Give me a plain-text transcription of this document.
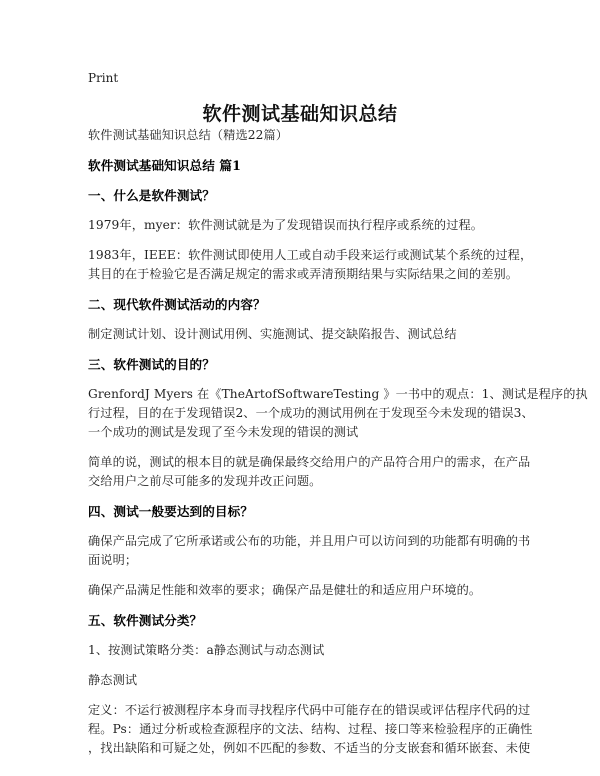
Print
软件测试基础知识总结

软件测试基础知识总结（精选22篇）

软件测试基础知识总结 篇1

一、什么是软件测试？

1979年，myer：软件测试就是为了发现错误而执行程序或系统的过程。

1983年，IEEE：软件测试即使用人工或自动手段来运行或测试某个系统的过程，
其目的在于检验它是否满足规定的需求或弄清预期结果与实际结果之间的差别。

二、现代软件测试活动的内容？

制定测试计划、设计测试用例、实施测试、提交缺陷报告、测试总结

三、软件测试的目的？

GrenfordJ Myers 在《TheArtofSoftwareTesting 》一书中的观点：1、测试是程序的执
行过程，目的在于发现错误2、一个成功的测试用例在于发现至今未发现的错误3、
一个成功的测试是发现了至今未发现的错误的测试

简单的说，测试的根本目的就是确保最终交给用户的产品符合用户的需求，在产品
交给用户之前尽可能多的发现并改正问题。

四、测试一般要达到的目标？

确保产品完成了它所承诺或公布的功能，并且用户可以访问到的功能都有明确的书
面说明；

确保产品满足性能和效率的要求；确保产品是健壮的和适应用户环境的。

五、软件测试分类？

1、按测试策略分类：a静态测试与动态测试

静态测试

定义：不运行被测程序本身而寻找程序代码中可能存在的错误或评估程序代码的过
程。Ps：通过分析或检查源程序的文法、结构、过程、接口等来检验程序的正确性
，找出缺陷和可疑之处，例如不匹配的参数、不适当的分支嵌套和循环嵌套、未使
